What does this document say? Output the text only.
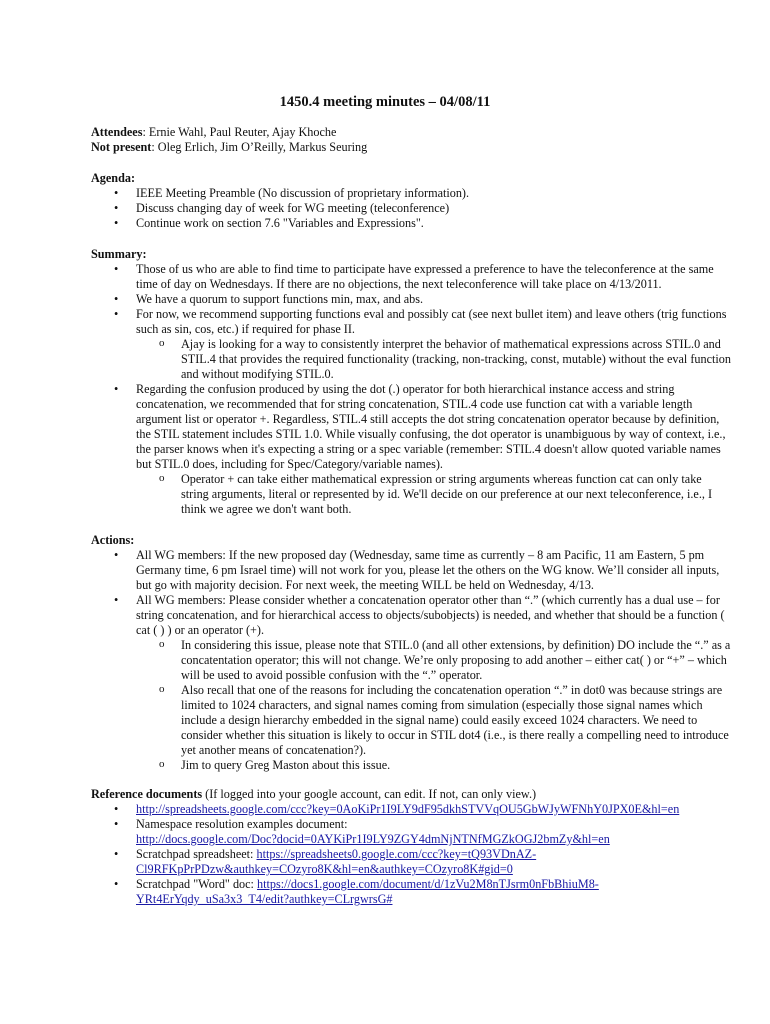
1450.4 meeting minutes – 04/08/11
Attendees: Ernie Wahl, Paul Reuter, Ajay Khoche
Not present: Oleg Erlich, Jim O’Reilly, Markus Seuring
Agenda:
• IEEE Meeting Preamble (No discussion of proprietary information).
• Discuss changing day of week for WG meeting (teleconference)
• Continue work on section 7.6 "Variables and Expressions".
Summary:
• Those of us who are able to find time to participate have expressed a preference to have the teleconference at the same time of day on Wednesdays. If there are no objections, the next teleconference will take place on 4/13/2011.
• We have a quorum to support functions min, max, and abs.
• For now, we recommend supporting functions eval and possibly cat (see next bullet item) and leave others (trig functions such as sin, cos, etc.) if required for phase II.
o Ajay is looking for a way to consistently interpret the behavior of mathematical expressions across STIL.0 and STIL.4 that provides the required functionality (tracking, non-tracking, const, mutable) without the eval function and without modifying STIL.0.
• Regarding the confusion produced by using the dot (.) operator for both hierarchical instance access and string concatenation, we recommended that for string concatenation, STIL.4 code use function cat with a variable length argument list or operator +. Regardless, STIL.4 still accepts the dot string concatenation operator because by definition, the STIL statement includes STIL 1.0. While visually confusing, the dot operator is unambiguous by way of context, i.e., the parser knows when it's expecting a string or a spec variable (remember: STIL.4 doesn't allow quoted variable names but STIL.0 does, including for Spec/Category/variable names).
o Operator + can take either mathematical expression or string arguments whereas function cat can only take string arguments, literal or represented by id. We'll decide on our preference at our next teleconference, i.e., I think we agree we don't want both.
Actions:
• All WG members: If the new proposed day (Wednesday, same time as currently – 8 am Pacific, 11 am Eastern, 5 pm Germany time, 6 pm Israel time) will not work for you, please let the others on the WG know. We’ll consider all inputs, but go with majority decision. For next week, the meeting WILL be held on Wednesday, 4/13.
• All WG members: Please consider whether a concatenation operator other than “.” (which currently has a dual use – for string concatenation, and for hierarchical access to objects/subobjects) is needed, and whether that should be a function ( cat ( ) ) or an operator (+).
o In considering this issue, please note that STIL.0 (and all other extensions, by definition) DO include the “.” as a concatentation operator; this will not change. We’re only proposing to add another – either cat( ) or “+” – which will be used to avoid possible confusion with the “.” operator.
o Also recall that one of the reasons for including the concatenation operation “.” in dot0 was because strings are limited to 1024 characters, and signal names coming from simulation (especially those signal names which include a design hierarchy embedded in the signal name) could easily exceed 1024 characters. We need to consider whether this situation is likely to occur in STIL dot4 (i.e., is there really a compelling need to introduce yet another means of concatenation?).
o Jim to query Greg Maston about this issue.
Reference documents (If logged into your google account, can edit. If not, can only view.)
• http://spreadsheets.google.com/ccc?key=0AoKiPr1I9LY9dF95dkhSTVVqOU5GbWJyWFNhY0JPX0E&hl=en
• Namespace resolution examples document:
http://docs.google.com/Doc?docid=0AYKiPr1I9LY9ZGY4dmNjNTNfMGZkOGJ2bmZy&hl=en
• Scratchpad spreadsheet: https://spreadsheets0.google.com/ccc?key=tQ93VDnAZ-Cl9RFKpPrPDzw&authkey=COzyro8K&hl=en&authkey=COzyro8K#gid=0
• Scratchpad "Word" doc: https://docs1.google.com/document/d/1zVu2M8nTJsrm0nFbBhiuM8-YRt4ErYqdy_uSa3x3_T4/edit?authkey=CLrgwrsG#
